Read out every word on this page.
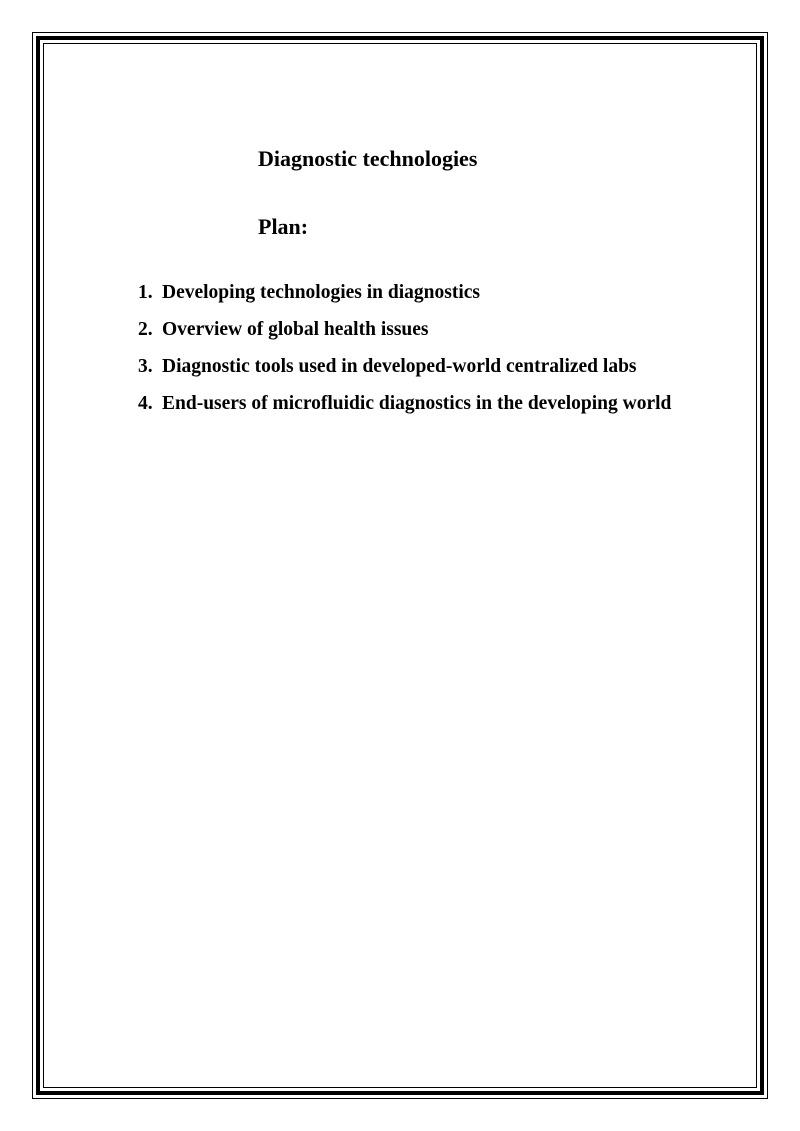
Diagnostic technologies
Plan:
1. Developing technologies in diagnostics
2. Overview of global health issues
3. Diagnostic tools used in developed-world centralized labs
4. End-users of microfluidic diagnostics in the developing world
